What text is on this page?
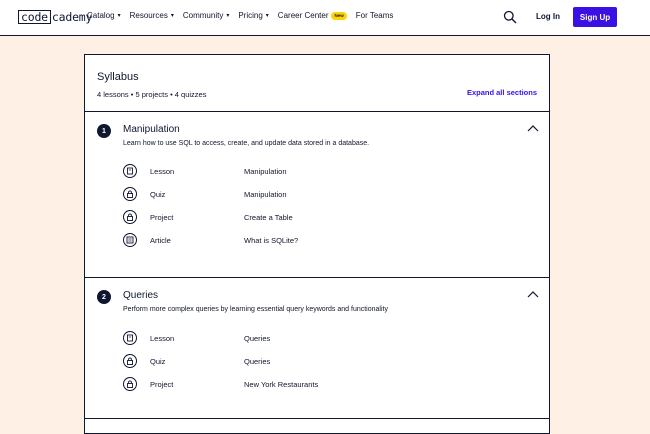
code cademy
Catalog ▾ Resources ▾ Community ▾ Pricing ▾ Career Center	New	For Teams	Log In	Sign Up
Syllabus
4 lessons • 5 projects • 4 quizzes	Expand all sections
1	Manipulation
Learn how to use SQL to access, create, and update data stored in a database.
Lesson	Manipulation
Quiz	Manipulation
Project	Create a Table
Article	What is SQLite?
2	Queries
Perform more complex queries by learning essential query keywords and functionality
Lesson	Queries
Quiz	Queries
Project	New York Restaurants
